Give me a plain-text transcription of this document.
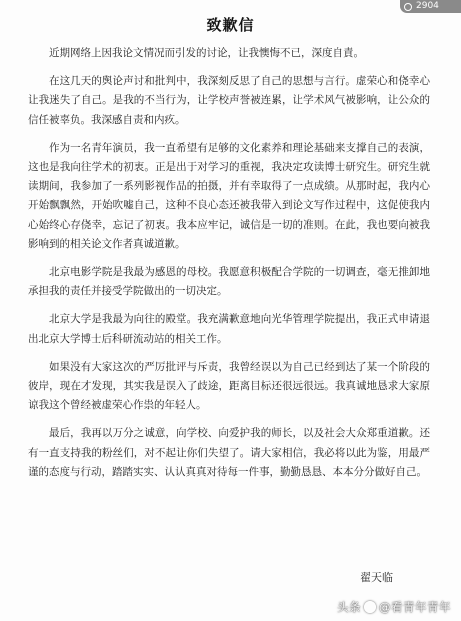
致歉信

近期网络上因我论文情况而引发的讨论，让我懊悔不已，深度自責。

在这几天的舆论声讨和批判中，我深刻反思了自己的思想与言行。虚荣心和侥幸心让我迷失了自己。是我的不当行为，让学校声誉被连累，让学术风气被影响，让公众的信任被辜负。我深感自责和内疚。

作为一名青年演员，我一直希望有足够的文化素养和理论基础来支撑自己的表演，这也是我向往学术的初衷。正是出于对学习的重视，我决定攻读博士研究生。研究生就读期间，我参加了一系列影视作品的拍摄，并有幸取得了一点成绩。从那时起，我内心开始飘飘然，开始吹嘘自己，这种不良心态还被我带入到论文写作过程中，这促使我内心始终心存侥幸，忘记了初衷。我本应牢记，诚信是一切的准则。在此，我也要向被我影响到的相关论文作者真诚道歉。

北京电影学院是我最为感恩的母校。我愿意积极配合学院的一切调查，毫无推卸地承担我的责任并接受学院做出的一切决定。

北京大学是我最为向往的殿堂。我充满歉意地向光华管理学院提出，我正式申请退出北京大学博士后科研流动站的相关工作。

如果没有大家这次的严厉批评与斥责，我曾经误以为自己已经到达了某一个阶段的彼岸，现在才发现，其实我是误入了歧途，距离目标还很远很远。我真诚地恳求大家原谅我这个曾经被虚荣心作祟的年轻人。

最后，我再以万分之诚意，向学校、向爱护我的师长，以及社会大众郑重道歉。还有一直支持我的粉丝们，对不起让你们失望了。请大家相信，我必将以此为鉴，用最严谨的态度与行动，踏踏实实、认认真真对待每一件事，勤勤恳恳、本本分分做好自己。

翟天临
2904
头条 @看青年青年
